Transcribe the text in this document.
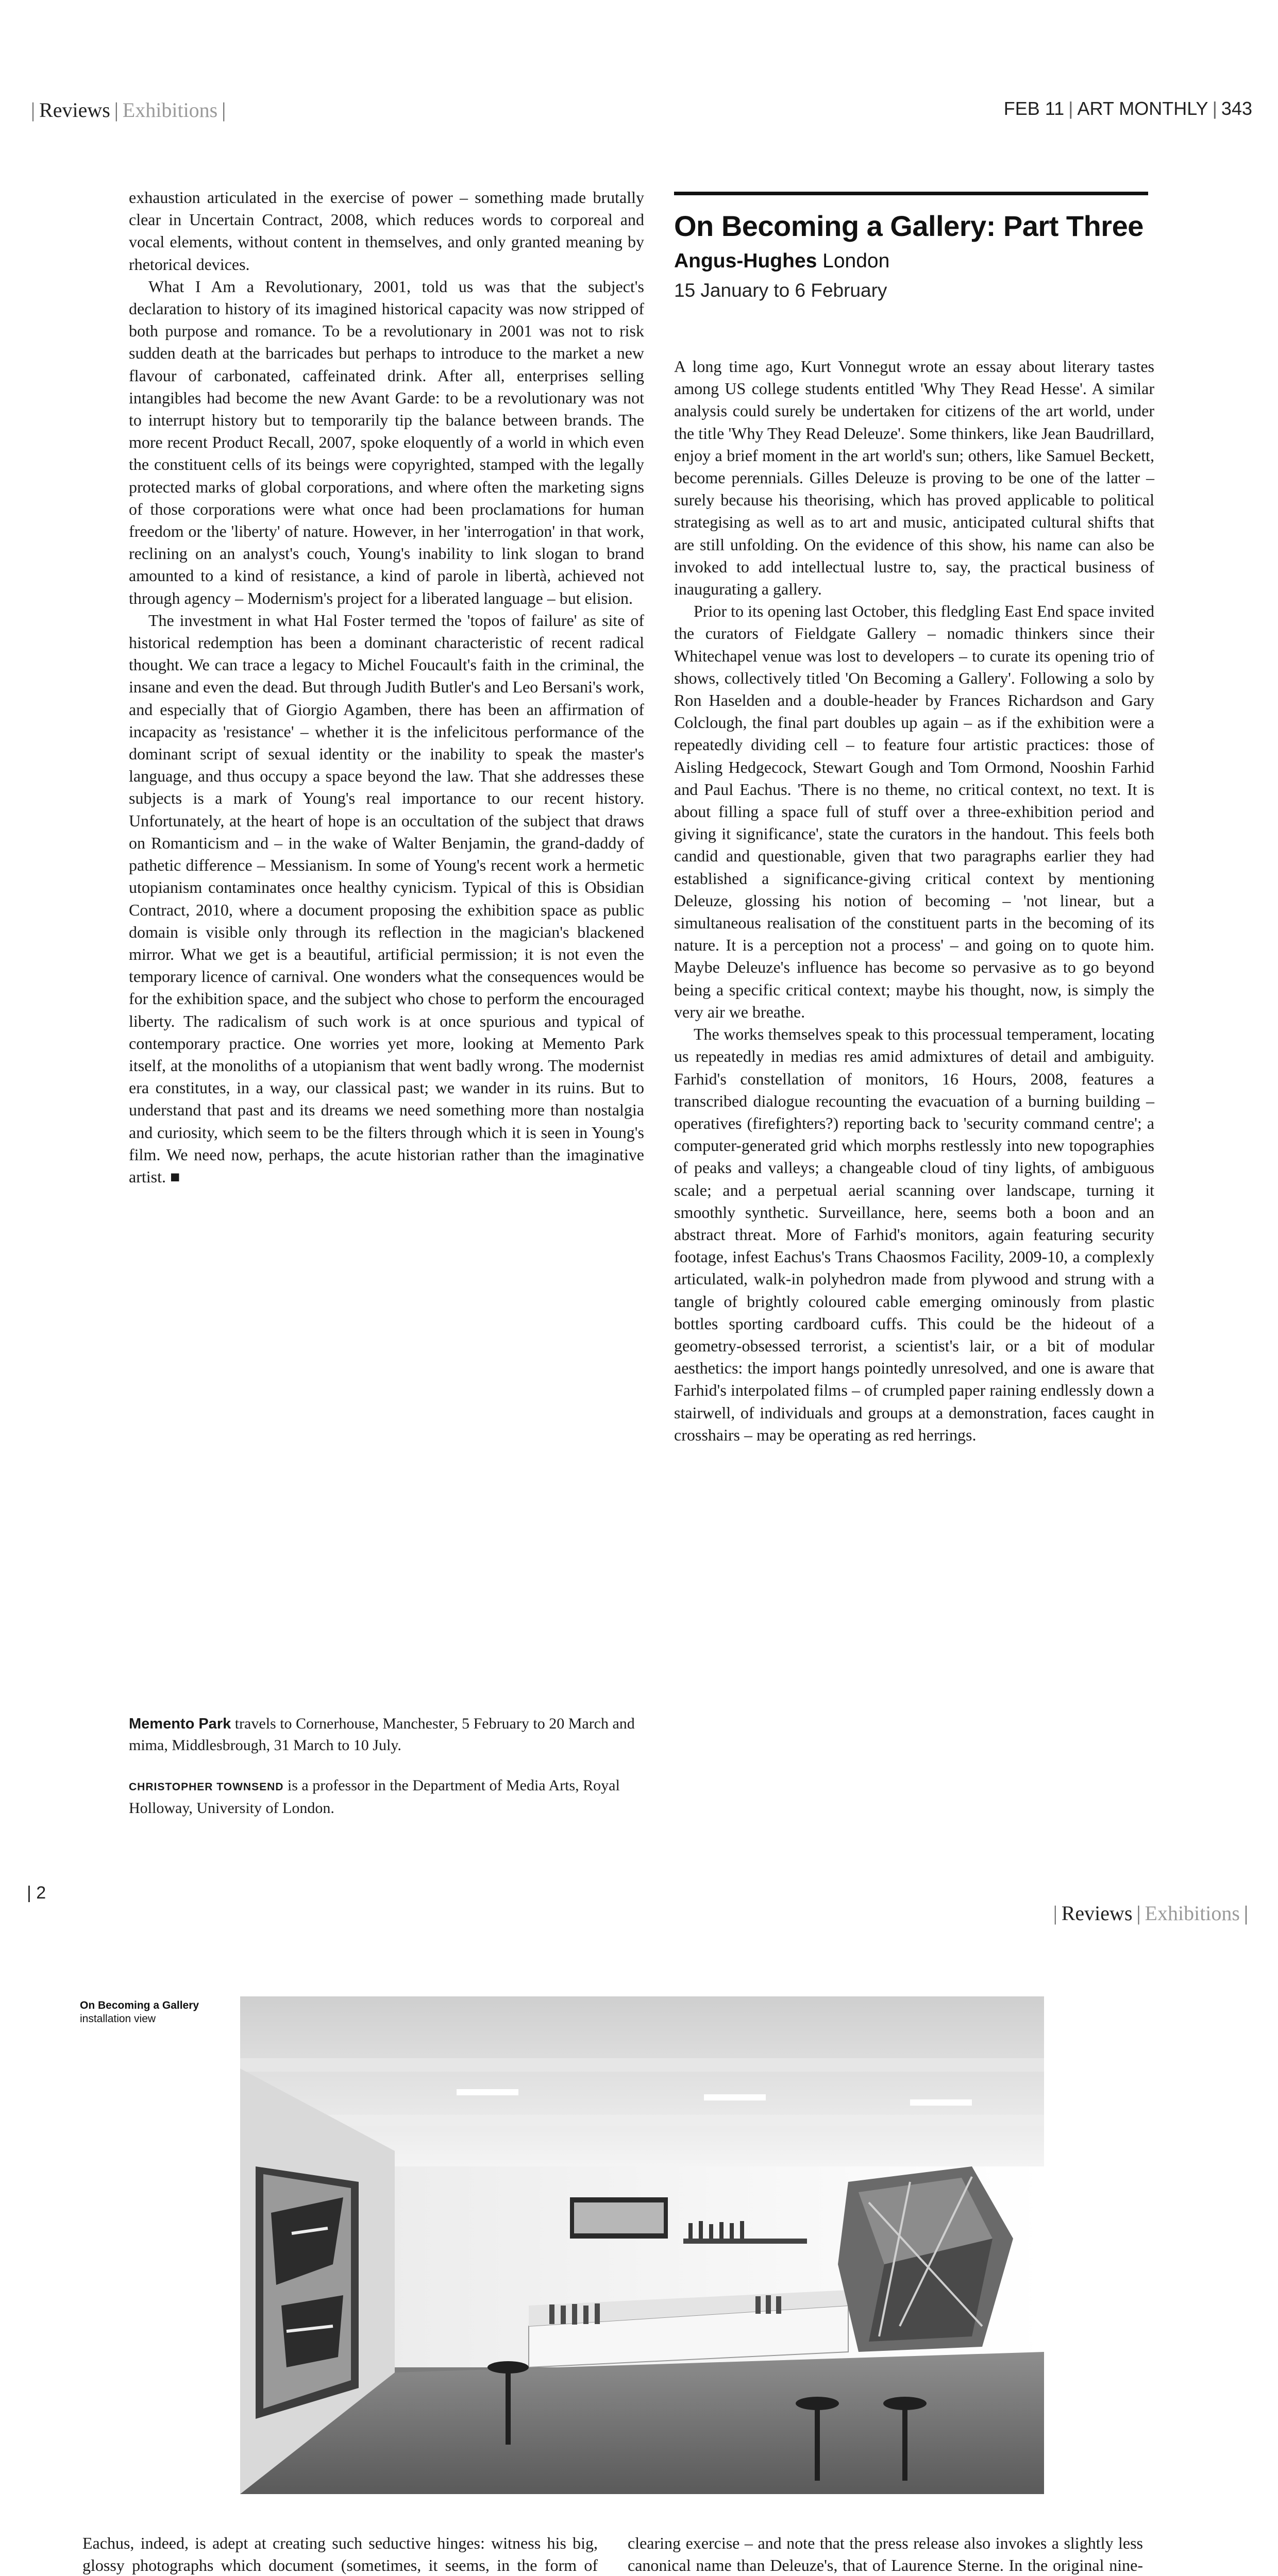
| Reviews | Exhibitions |	FEB 11 | ART MONTHLY | 343

exhaustion articulated in the exercise of power – something made brutally clear in Uncertain Contract, 2008, which reduces words to corporeal and vocal elements, without content in themselves, and only granted meaning by rhetorical devices.

What I Am a Revolutionary, 2001, told us was that the subject's declaration to history of its imagined historical capacity was now stripped of both purpose and romance. To be a revolutionary in 2001 was not to risk sudden death at the barricades but perhaps to introduce to the market a new flavour of carbonated, caffeinated drink. After all, enterprises selling intangibles had become the new Avant Garde: to be a revolutionary was not to interrupt history but to temporarily tip the balance between brands. The more recent Product Recall, 2007, spoke eloquently of a world in which even the constituent cells of its beings were copyrighted, stamped with the legally protected marks of global corporations, and where often the marketing signs of those corporations were what once had been proclamations for human freedom or the 'liberty' of nature. However, in her 'interrogation' in that work, reclining on an analyst's couch, Young's inability to link slogan to brand amounted to a kind of resistance, a kind of parole in libertà, achieved not through agency – Modernism's project for a liberated language – but elision.

The investment in what Hal Foster termed the 'topos of failure' as site of historical redemption has been a dominant characteristic of recent radical thought. We can trace a legacy to Michel Foucault's faith in the criminal, the insane and even the dead. But through Judith Butler's and Leo Bersani's work, and especially that of Giorgio Agamben, there has been an affirmation of incapacity as 'resistance' – whether it is the infelicitous performance of the dominant script of sexual identity or the inability to speak the master's language, and thus occupy a space beyond the law. That she addresses these subjects is a mark of Young's real importance to our recent history. Unfortunately, at the heart of hope is an occultation of the subject that draws on Romanticism and – in the wake of Walter Benjamin, the grand-daddy of pathetic difference – Messianism. In some of Young's recent work a hermetic utopianism contaminates once healthy cynicism. Typical of this is Obsidian Contract, 2010, where a document proposing the exhibition space as public domain is visible only through its reflection in the magician's blackened mirror. What we get is a beautiful, artificial permission; it is not even the temporary licence of carnival. One wonders what the consequences would be for the exhibition space, and the subject who chose to perform the encouraged liberty. The radicalism of such work is at once spurious and typical of contemporary practice. One worries yet more, looking at Memento Park itself, at the monoliths of a utopianism that went badly wrong. The modernist era constitutes, in a way, our classical past; we wander in its ruins. But to understand that past and its dreams we need something more than nostalgia and curiosity, which seem to be the filters through which it is seen in Young's film. We need now, perhaps, the acute historian rather than the imaginative artist. ■

Memento Park travels to Cornerhouse, Manchester, 5 February to 20 March and mima, Middlesbrough, 31 March to 10 July.
CHRISTOPHER TOWNSEND is a professor in the Department of Media Arts, Royal Holloway, University of London.
On Becoming a Gallery: Part Three
Angus-Hughes London
15 January to 6 February

A long time ago, Kurt Vonnegut wrote an essay about literary tastes among US college students entitled 'Why They Read Hesse'. A similar analysis could surely be undertaken for citizens of the art world, under the title 'Why They Read Deleuze'. Some thinkers, like Jean Baudrillard, enjoy a brief moment in the art world's sun; others, like Samuel Beckett, become perennials. Gilles Deleuze is proving to be one of the latter – surely because his theorising, which has proved applicable to political strategising as well as to art and music, anticipated cultural shifts that are still unfolding. On the evidence of this show, his name can also be invoked to add intellectual lustre to, say, the practical business of inaugurating a gallery.

Prior to its opening last October, this fledgling East End space invited the curators of Fieldgate Gallery – nomadic thinkers since their Whitechapel venue was lost to developers – to curate its opening trio of shows, collectively titled 'On Becoming a Gallery'. Following a solo by Ron Haselden and a double-header by Frances Richardson and Gary Colclough, the final part doubles up again – as if the exhibition were a repeatedly dividing cell – to feature four artistic practices: those of Aisling Hedgecock, Stewart Gough and Tom Ormond, Nooshin Farhid and Paul Eachus. 'There is no theme, no critical context, no text. It is about filling a space full of stuff over a three-exhibition period and giving it significance', state the curators in the handout. This feels both candid and questionable, given that two paragraphs earlier they had established a significance-giving critical context by mentioning Deleuze, glossing his notion of becoming – 'not linear, but a simultaneous realisation of the constituent parts in the becoming of its nature. It is a perception not a process' – and going on to quote him. Maybe Deleuze's influence has become so pervasive as to go beyond being a specific critical context; maybe his thought, now, is simply the very air we breathe.

The works themselves speak to this processual temperament, locating us repeatedly in medias res amid admixtures of detail and ambiguity. Farhid's constellation of monitors, 16 Hours, 2008, features a transcribed dialogue recounting the evacuation of a burning building – operatives (firefighters?) reporting back to 'security command centre'; a computer-generated grid which morphs restlessly into new topographies of peaks and valleys; a changeable cloud of tiny lights, of ambiguous scale; and a perpetual aerial scanning over landscape, turning it smoothly synthetic. Surveillance, here, seems both a boon and an abstract threat. More of Farhid's monitors, again featuring security footage, infest Eachus's Trans Chaosmos Facility, 2009-10, a complexly articulated, walk-in polyhedron made from plywood and strung with a tangle of brightly coloured cable emerging ominously from plastic bottles sporting cardboard cuffs. This could be the hideout of a geometry-obsessed terrorist, a scientist's lair, or a bit of modular aesthetics: the import hangs pointedly unresolved, and one is aware that Farhid's interpolated films – of crumpled paper raining endlessly down a stairwell, of individuals and groups at a demonstration, faces caught in crosshairs – may be operating as red herrings.

| 2
| Reviews | Exhibitions |
On Becoming a Gallery
installation view

Eachus, indeed, is adept at creating such seductive hinges: witness his big, glossy photographs which document (sometimes, it seems, in the form of

clearing exercise – and note that the press release also invokes a slightly less canonical name than Deleuze's, that of Laurence Sterne. In the original nine-
